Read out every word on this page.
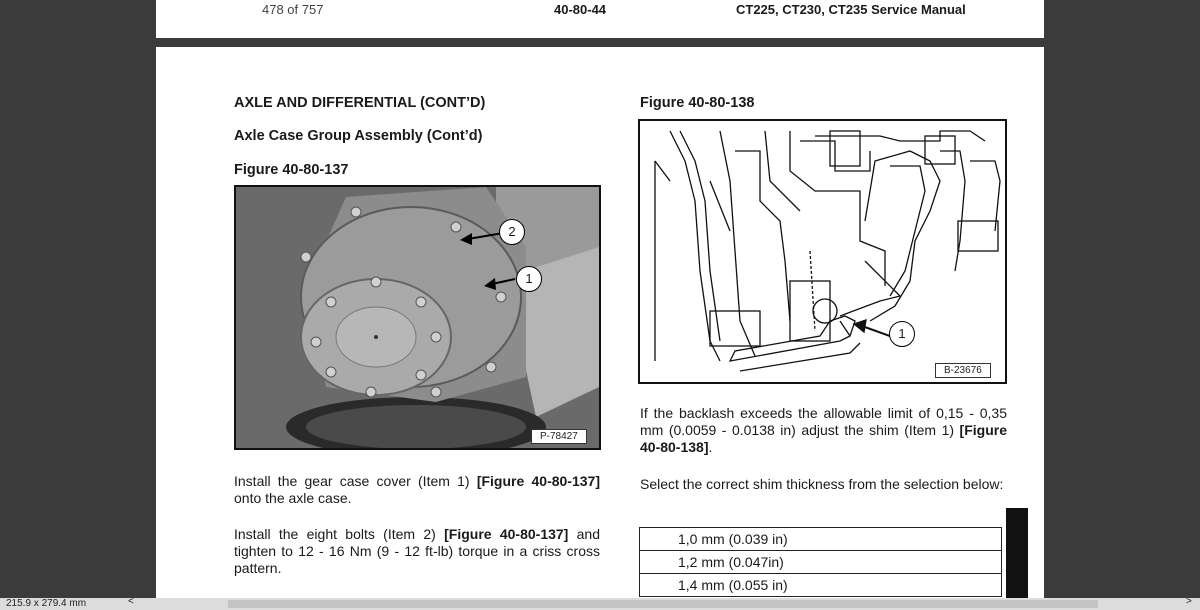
478 of 757	40-80-44	CT225, CT230, CT235 Service Manual
AXLE AND DIFFERENTIAL (CONT’D)
Axle Case Group Assembly (Cont’d)
Figure 40-80-137
2
1
P-78427
Install the gear case cover (Item 1) [Figure 40-80-137] onto the axle case.
Install the eight bolts (Item 2) [Figure 40-80-137] and tighten to 12 - 16 Nm (9 - 12 ft-lb) torque in a criss cross pattern.
Figure 40-80-138
1
B-23676
If the backlash exceeds the allowable limit of 0,15 - 0,35 mm (0.0059 - 0.0138 in) adjust the shim (Item 1) [Figure 40-80-138].
Select the correct shim thickness from the selection below:
1,0 mm (0.039 in)
1,2 mm (0.047in)
1,4 mm (0.055 in)
215.9 x 279.4 mm	<	>
